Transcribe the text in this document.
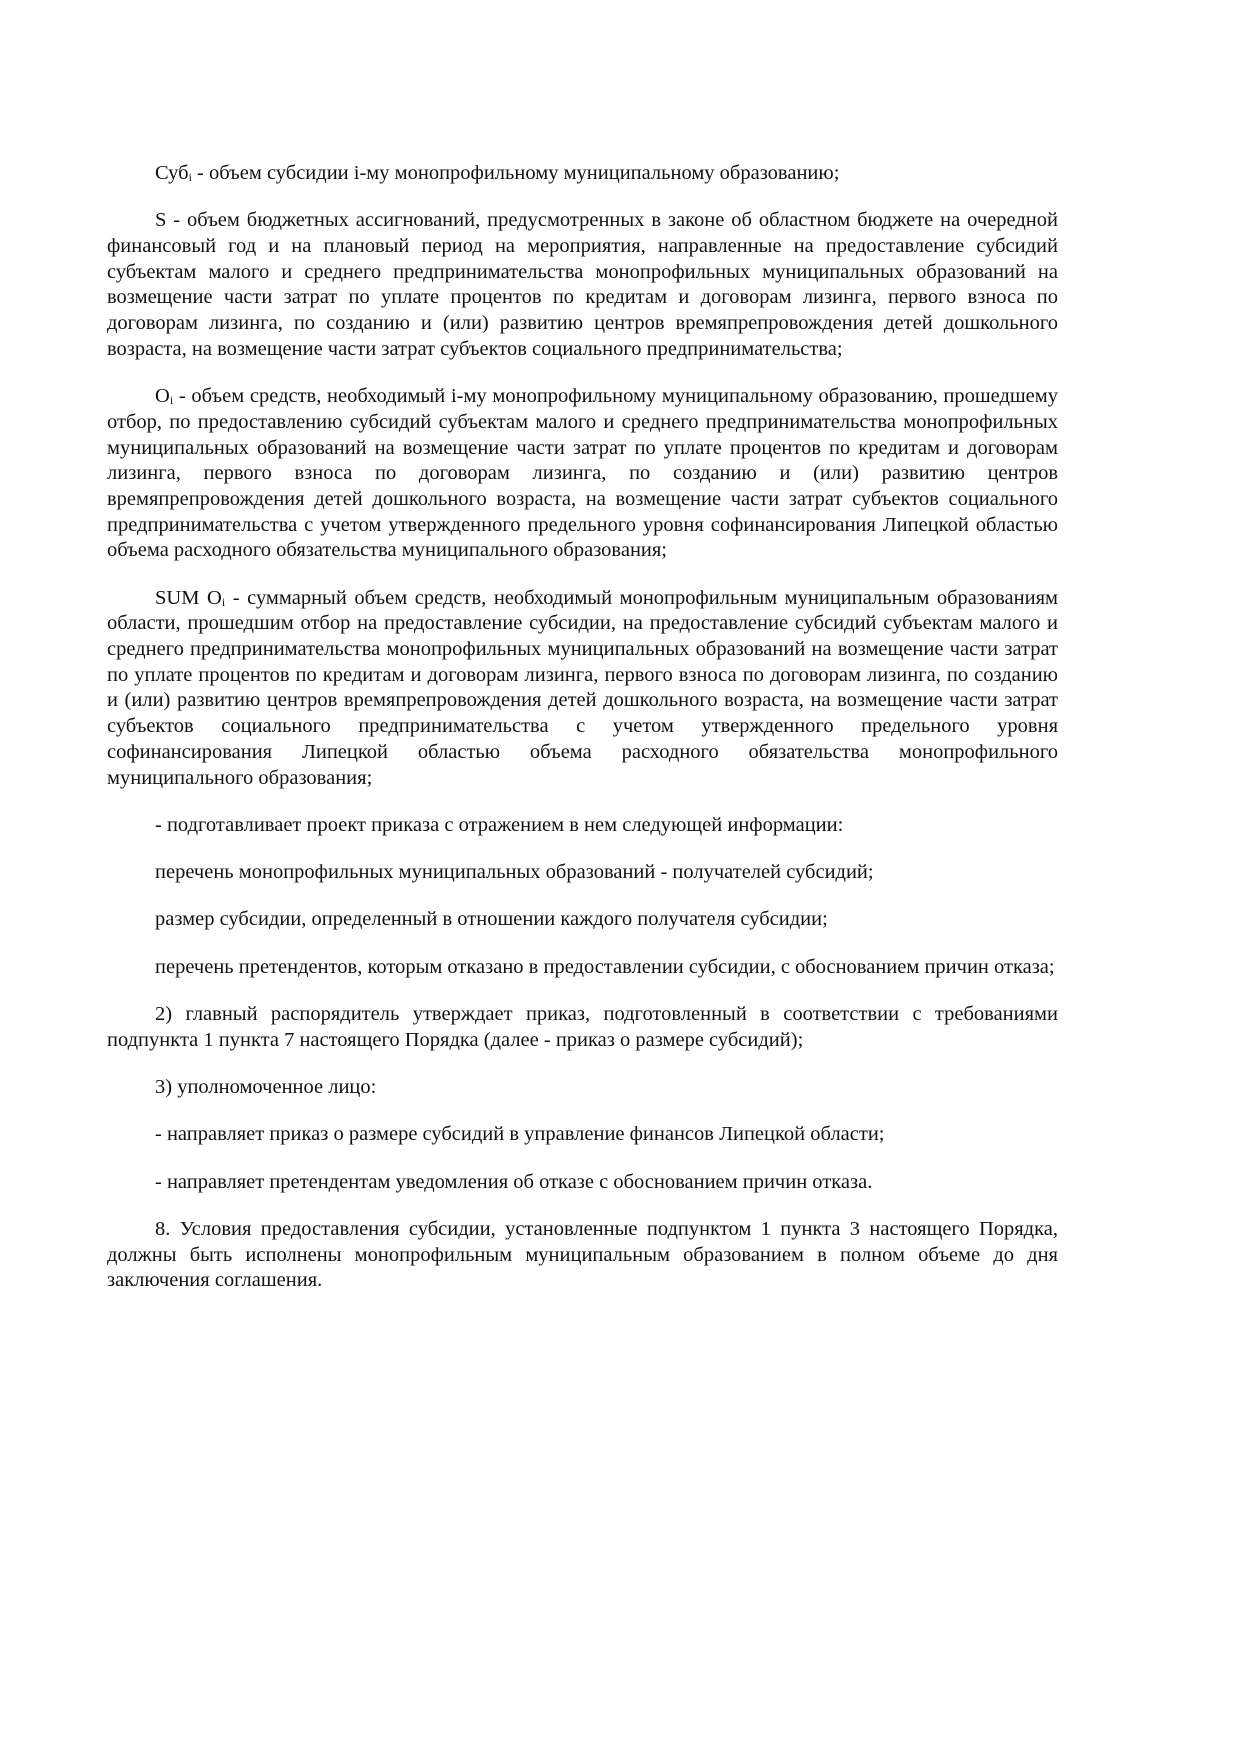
Суб$_i$ - объем субсидии i-му монопрофильному муниципальному образованию;

S - объем бюджетных ассигнований, предусмотренных в законе об областном бюджете на очередной финансовый год и на плановый период на мероприятия, направленные на предоставление субсидий субъектам малого и среднего предпринимательства монопрофильных муниципальных образований на возмещение части затрат по уплате процентов по кредитам и договорам лизинга, первого взноса по договорам лизинга, по созданию и (или) развитию центров времяпрепровождения детей дошкольного возраста, на возмещение части затрат субъектов социального предпринимательства;

$O_i$ - объем средств, необходимый i-му монопрофильному муниципальному образованию, прошедшему отбор, по предоставлению субсидий субъектам малого и среднего предпринимательства монопрофильных муниципальных образований на возмещение части затрат по уплате процентов по кредитам и договорам лизинга, первого взноса по договорам лизинга, по созданию и (или) развитию центров времяпрепровождения детей дошкольного возраста, на возмещение части затрат субъектов социального предпринимательства с учетом утвержденного предельного уровня софинансирования Липецкой областью объема расходного обязательства муниципального образования;

SUM $O_i$ - суммарный объем средств, необходимый монопрофильным муниципальным образованиям области, прошедшим отбор на предоставление субсидии, на предоставление субсидий субъектам малого и среднего предпринимательства монопрофильных муниципальных образований на возмещение части затрат по уплате процентов по кредитам и договорам лизинга, первого взноса по договорам лизинга, по созданию и (или) развитию центров времяпрепровождения детей дошкольного возраста, на возмещение части затрат субъектов социального предпринимательства с учетом утвержденного предельного уровня софинансирования Липецкой областью объема расходного обязательства монопрофильного муниципального образования;

- подготавливает проект приказа с отражением в нем следующей информации:

перечень монопрофильных муниципальных образований - получателей субсидий;

размер субсидии, определенный в отношении каждого получателя субсидии;

перечень претендентов, которым отказано в предоставлении субсидии, с обоснованием причин отказа;

2) главный распорядитель утверждает приказ, подготовленный в соответствии с требованиями подпункта 1 пункта 7 настоящего Порядка (далее - приказ о размере субсидий);

3) уполномоченное лицо:

- направляет приказ о размере субсидий в управление финансов Липецкой области;

- направляет претендентам уведомления об отказе с обоснованием причин отказа.

8. Условия предоставления субсидии, установленные подпунктом 1 пункта 3 настоящего Порядка, должны быть исполнены монопрофильным муниципальным образованием в полном объеме до дня заключения соглашения.
